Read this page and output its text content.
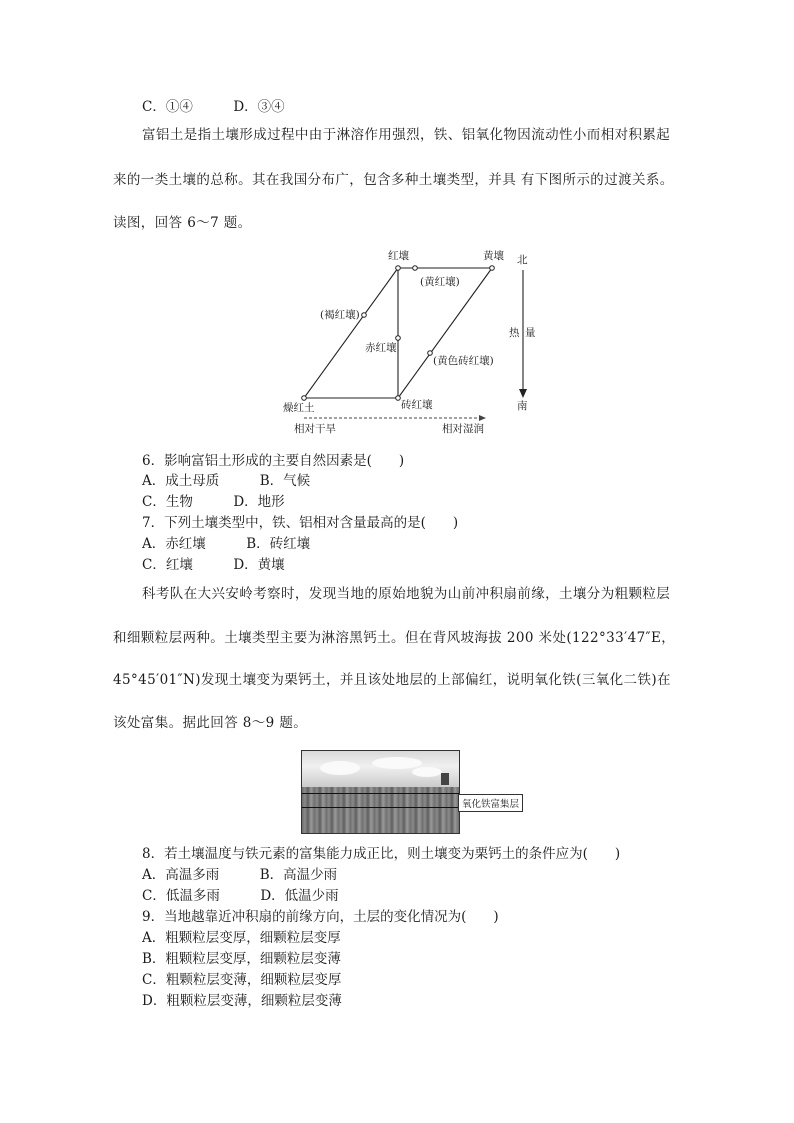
C．①④　　　D．③④
富铝土是指土壤形成过程中由于淋溶作用强烈，铁、铝氧化物因流动性小而相对积累起
来的一类土壤的总称。其在我国分布广，包含多种土壤类型，并具 有下图所示的过渡关系。
读图，回答 6～7 题。
红壤	黄壤 北
(黄红壤)
(褐红壤)
热 量
赤红壤
(黄色砖红壤)
燥红土	砖红壤	南
相对干旱	相对湿润
6．影响富铝土形成的主要自然因素是(　　)
A．成土母质　　　B．气候
C．生物　　　D．地形
7．下列土壤类型中，铁、铝相对含量最高的是(　　)
A．赤红壤　　　B．砖红壤
C．红壤　　　D．黄壤
科考队在大兴安岭考察时，发现当地的原始地貌为山前冲积扇前缘，土壤分为粗颗粒层
和细颗粒层两种。土壤类型主要为淋溶黑钙土。但在背风坡海拔 200 米处(122°33′47″E，
45°45′01″N)发现土壤变为栗钙土，并且该处地层的上部偏红，说明氧化铁(三氧化二铁)在
该处富集。据此回答 8～9 题。
氧化铁富集层
8．若土壤温度与铁元素的富集能力成正比，则土壤变为栗钙土的条件应为(　　)
A．高温多雨　　　B．高温少雨
C．低温多雨　　　D．低温少雨
9．当地越靠近冲积扇的前缘方向，土层的变化情况为(　　)
A．粗颗粒层变厚，细颗粒层变厚
B．粗颗粒层变厚，细颗粒层变薄
C．粗颗粒层变薄，细颗粒层变厚
D．粗颗粒层变薄，细颗粒层变薄
